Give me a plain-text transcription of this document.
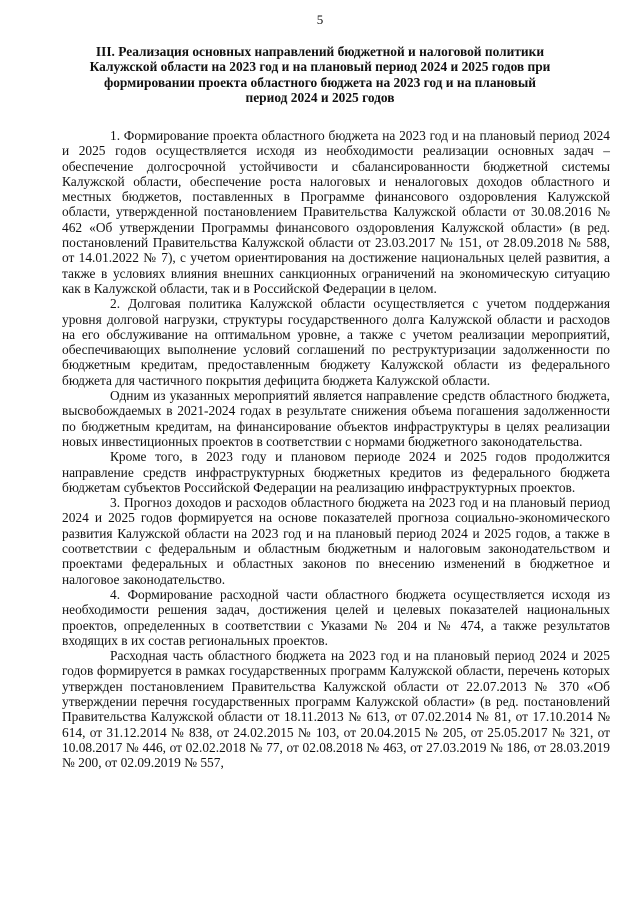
5
III. Реализация основных направлений бюджетной и налоговой политики Калужской области на 2023 год и на плановый период 2024 и 2025 годов при формировании проекта областного бюджета на 2023 год и на плановый период 2024 и 2025 годов

1. Формирование проекта областного бюджета на 2023 год и на плановый период 2024 и 2025 годов осуществляется исходя из необходимости реализации основных задач – обеспечение долгосрочной устойчивости и сбалансированности бюджетной системы Калужской области, обеспечение роста налоговых и неналоговых доходов областного и местных бюджетов, поставленных в Программе финансового оздоровления Калужской области, утвержденной постановлением Правительства Калужской области от 30.08.2016 № 462 «Об утверждении Программы финансового оздоровления Калужской области» (в ред. постановлений Правительства Калужской области от 23.03.2017 № 151, от 28.09.2018 № 588, от 14.01.2022 № 7), с учетом ориентирования на достижение национальных целей развития, а также в условиях влияния внешних санкционных ограничений на экономическую ситуацию как в Калужской области, так и в Российской Федерации в целом.

2. Долговая политика Калужской области осуществляется с учетом поддержания уровня долговой нагрузки, структуры государственного долга Калужской области и расходов на его обслуживание на оптимальном уровне, а также с учетом реализации мероприятий, обеспечивающих выполнение условий соглашений по реструктуризации задолженности по бюджетным кредитам, предоставленным бюджету Калужской области из федерального бюджета для частичного покрытия дефицита бюджета Калужской области.

Одним из указанных мероприятий является направление средств областного бюджета, высвобождаемых в 2021-2024 годах в результате снижения объема погашения задолженности по бюджетным кредитам, на финансирование объектов инфраструктуры в целях реализации новых инвестиционных проектов в соответствии с нормами бюджетного законодательства.

Кроме того, в 2023 году и плановом периоде 2024 и 2025 годов продолжится направление средств инфраструктурных бюджетных кредитов из федерального бюджета бюджетам субъектов Российской Федерации на реализацию инфраструктурных проектов.

3. Прогноз доходов и расходов областного бюджета на 2023 год и на плановый период 2024 и 2025 годов формируется на основе показателей прогноза социально-экономического развития Калужской области на 2023 год и на плановый период 2024 и 2025 годов, а также в соответствии с федеральным и областным бюджетным и налоговым законодательством и проектами федеральных и областных законов по внесению изменений в бюджетное и налоговое законодательство.

4. Формирование расходной части областного бюджета осуществляется исходя из необходимости решения задач, достижения целей и целевых показателей национальных проектов, определенных в соответствии с Указами № 204 и № 474, а также результатов входящих в их состав региональных проектов.

Расходная часть областного бюджета на 2023 год и на плановый период 2024 и 2025 годов формируется в рамках государственных программ Калужской области, перечень которых утвержден постановлением Правительства Калужской области от 22.07.2013 № 370 «Об утверждении перечня государственных программ Калужской области» (в ред. постановлений Правительства Калужской области от 18.11.2013 № 613, от 07.02.2014 № 81, от 17.10.2014 № 614, от 31.12.2014 № 838, от 24.02.2015 № 103, от 20.04.2015 № 205, от 25.05.2017 № 321, от 10.08.2017 № 446, от 02.02.2018 № 77, от 02.08.2018 № 463, от 27.03.2019 № 186, от 28.03.2019 № 200, от 02.09.2019 № 557,
